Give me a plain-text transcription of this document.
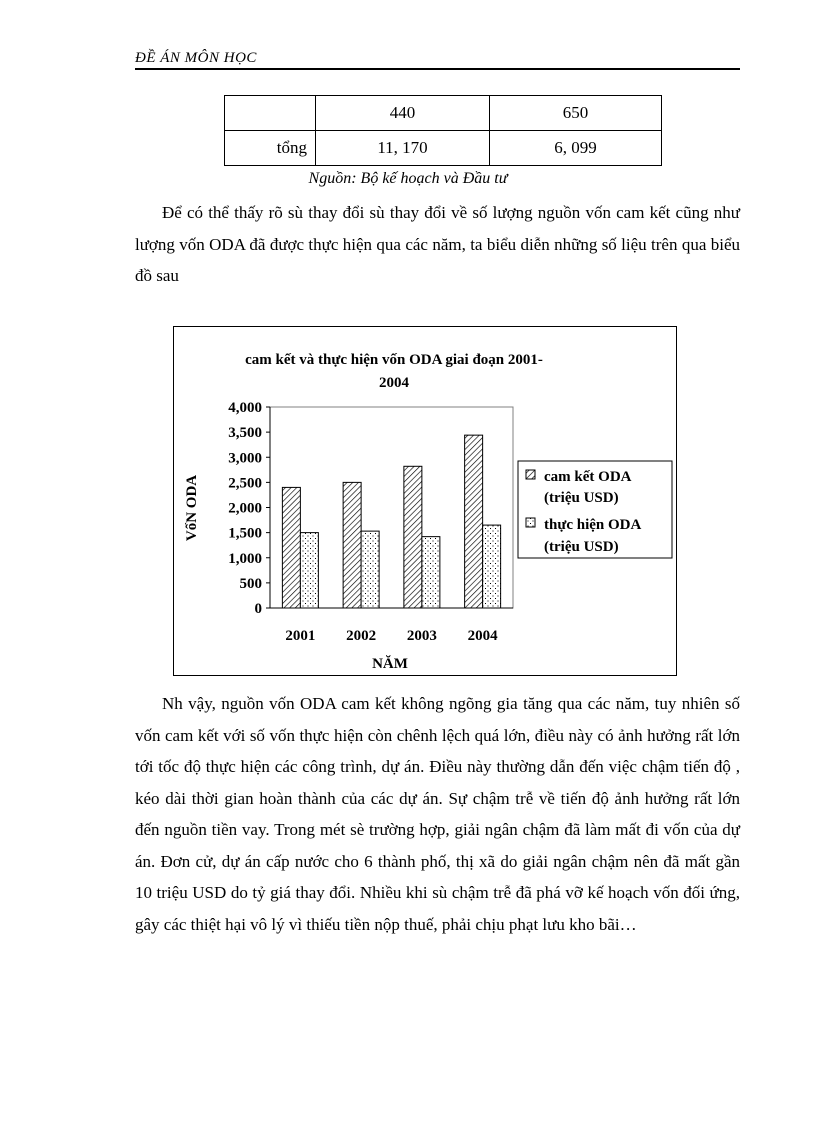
ĐỀ ÁN MÔN HỌC
	440	650
tổng	11, 170	6, 099
Nguồn: Bộ kế hoạch và Đầu tư

Để có thể thấy rõ sù thay đổi sù thay đổi về số lượng nguồn vốn cam kết cũng như lượng vốn ODA đã được thực hiện qua các năm, ta biểu diễn những số liệu trên qua biểu đồ sau

cam kết và thực hiện vốn ODA giai đoạn 2001-
2004
0
500
1,000
1,500
2,000
2,500
3,000
3,500
4,000
2001 2002 2003 2004
NĂM
VốN ODA	cam kết ODA
(triệu USD)
thực hiện ODA
(triệu USD)

Nh vậy, nguồn vốn ODA cam kết không ngõng gia tăng qua các năm, tuy nhiên số vốn cam kết với số vốn thực hiện còn chênh lệch quá lớn, điều này có ảnh hưởng rất lớn tới tốc độ thực hiện các công trình, dự án. Điều này thường dẫn đến việc chậm tiến độ , kéo dài thời gian hoàn thành của các dự án. Sự chậm trễ về tiến độ ảnh hưởng rất lớn đến nguồn tiền vay. Trong mét sè trường hợp, giải ngân chậm đã làm mất đi vốn của dự án. Đơn cử, dự án cấp nước cho 6 thành phố, thị xã do giải ngân chậm nên đã mất gần 10 triệu USD do tỷ giá thay đổi. Nhiều khi sù chậm trễ đã phá vỡ kế hoạch vốn đối ứng, gây các thiệt hại vô lý vì thiếu tiền nộp thuế, phải chịu phạt lưu kho bãi…
